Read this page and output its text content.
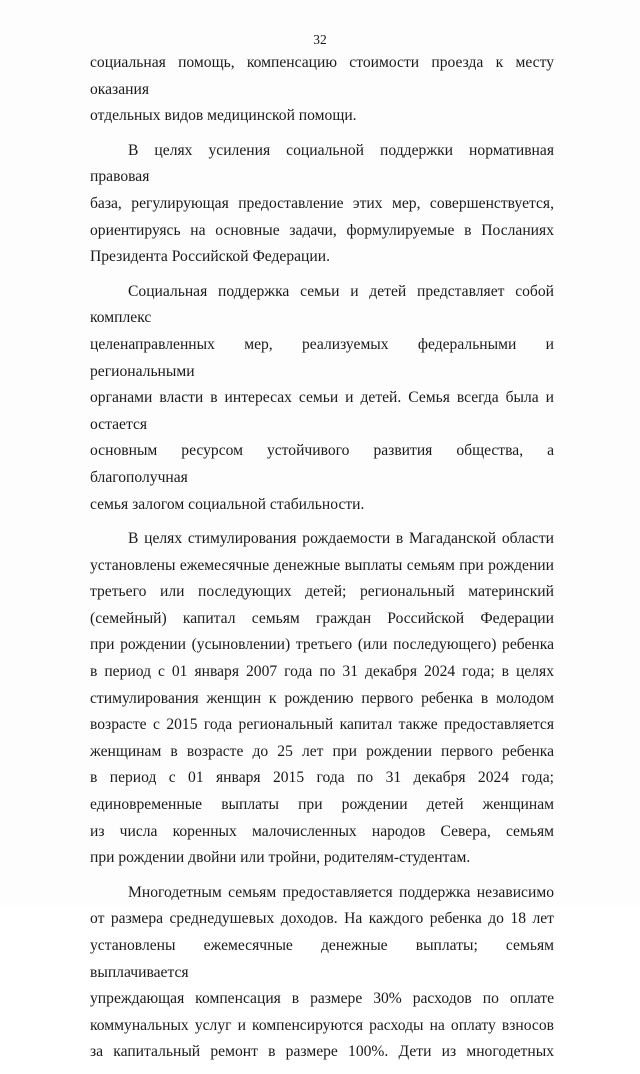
32
социальная помощь, компенсацию стоимости проезда к месту оказания
отдельных видов медицинской помощи.
В целях усиления социальной поддержки нормативная правовая
база, регулирующая предоставление этих мер, совершенствуется,
ориентируясь на основные задачи, формулируемые в Посланиях
Президента Российской Федерации.
Социальная поддержка семьи и детей представляет собой комплекс
целенаправленных мер, реализуемых федеральными и региональными
органами власти в интересах семьи и детей. Семья всегда была и остается
основным ресурсом устойчивого развития общества, а благополучная
семья залогом социальной стабильности.
В целях стимулирования рождаемости в Магаданской области
установлены ежемесячные денежные выплаты семьям при рождении
третьего или последующих детей; региональный материнский
(семейный) капитал семьям граждан Российской Федерации
при рождении (усыновлении) третьего (или последующего) ребенка
в период с 01 января 2007 года по 31 декабря 2024 года; в целях
стимулирования женщин к рождению первого ребенка в молодом
возрасте с 2015 года региональный капитал также предоставляется
женщинам в возрасте до 25 лет при рождении первого ребенка
в период с 01 января 2015 года по 31 декабря 2024 года;
единовременные выплаты при рождении детей женщинам
из числа коренных малочисленных народов Севера, семьям
при рождении двойни или тройни, родителям-студентам.
Многодетным семьям предоставляется поддержка независимо
от размера среднедушевых доходов. На каждого ребенка до 18 лет
установлены ежемесячные денежные выплаты; семьям выплачивается
упреждающая компенсация в размере 30% расходов по оплате
коммунальных услуг и компенсируются расходы на оплату взносов
за капитальный ремонт в размере 100%. Дети из многодетных
